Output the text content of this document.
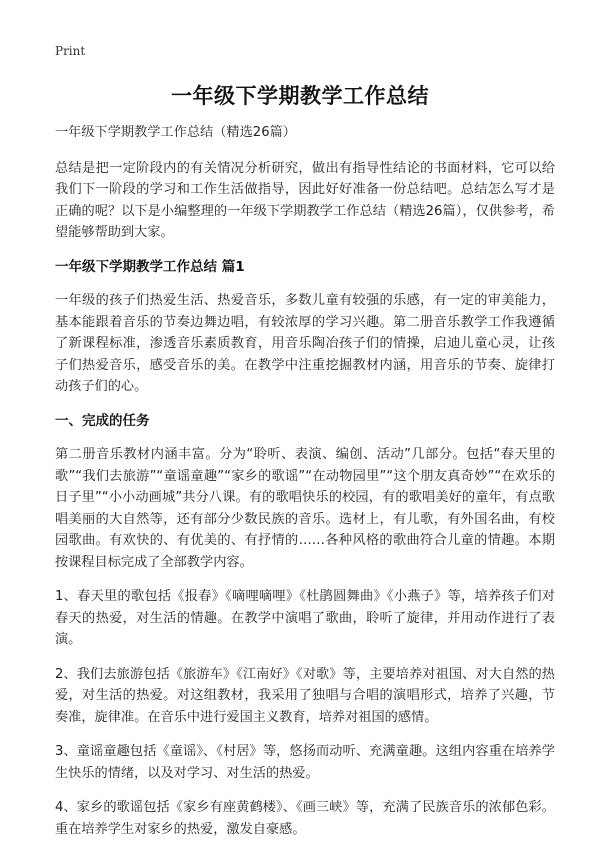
Print
一年级下学期教学工作总结

一年级下学期教学工作总结（精选26篇）

总结是把一定阶段内的有关情况分析研究，做出有指导性结论的书面材料，它可以给我们下一阶段的学习和工作生活做指导，因此好好准备一份总结吧。总结怎么写才是正确的呢？以下是小编整理的一年级下学期教学工作总结（精选26篇），仅供参考，希望能够帮助到大家。

一年级下学期教学工作总结 篇1

一年级的孩子们热爱生活、热爱音乐，多数儿童有较强的乐感，有一定的审美能力，基本能跟着音乐的节奏边舞边唱，有较浓厚的学习兴趣。第二册音乐教学工作我遵循了新课程标准，渗透音乐素质教育，用音乐陶冶孩子们的情操，启迪儿童心灵，让孩子们热爱音乐，感受音乐的美。在教学中注重挖掘教材内涵，用音乐的节奏、旋律打动孩子们的心。

一、完成的任务

第二册音乐教材内涵丰富。分为“聆听、表演、编创、活动”几部分。包括“春天里的歌”“我们去旅游”“童谣童趣”“家乡的歌谣”“在动物园里”“这个朋友真奇妙”“在欢乐的日子里”“小小动画城”共分八课。有的歌唱快乐的校园，有的歌唱美好的童年，有点歌唱美丽的大自然等，还有部分少数民族的音乐。选材上，有儿歌，有外国名曲，有校园歌曲。有欢快的、有优美的、有抒情的……各种风格的歌曲符合儿童的情趣。本期按课程目标完成了全部教学内容。

1、春天里的歌包括《报春》《嘀哩嘀哩》《杜鹃圆舞曲》《小燕子》等，培养孩子们对春天的热爱，对生活的情趣。在教学中演唱了歌曲，聆听了旋律，并用动作进行了表演。

2、我们去旅游包括《旅游车》《江南好》《对歌》等，主要培养对祖国、对大自然的热爱，对生活的热爱。对这组教材，我采用了独唱与合唱的演唱形式，培养了兴趣，节奏准，旋律准。在音乐中进行爱国主义教育，培养对祖国的感情。

3、童谣童趣包括《童谣》、《村居》等，悠扬而动听、充满童趣。这组内容重在培养学生快乐的情绪，以及对学习、对生活的热爱。

4、家乡的歌谣包括《家乡有座黄鹤楼》、《画三峡》等，充满了民族音乐的浓郁色彩。重在培养学生对家乡的热爱，激发自豪感。
